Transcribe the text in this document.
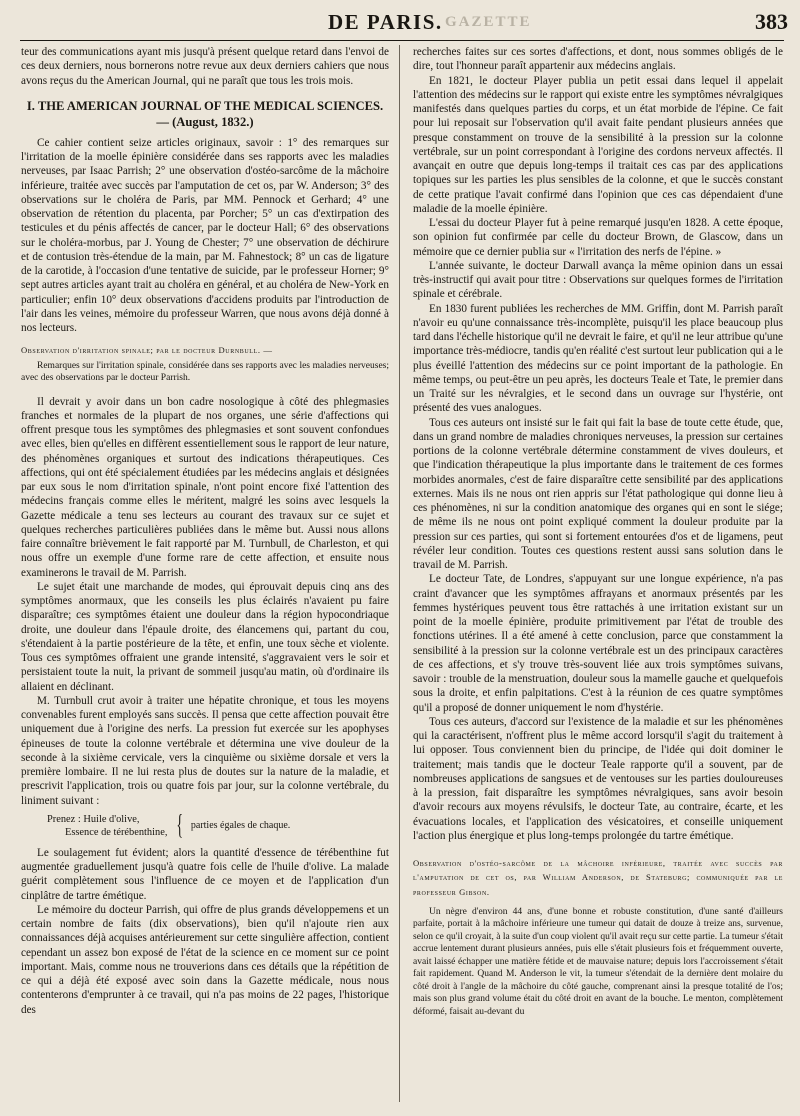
GAZETTE
DE PARIS.	383

teur des communications ayant mis jusqu'à présent quelque retard dans l'envoi de ces deux derniers, nous bornerons notre revue aux deux derniers cahiers que nous avons reçus du the American Journal, qui ne paraît que tous les trois mois.

I. THE AMERICAN JOURNAL OF THE MEDICAL SCIENCES. — (August, 1832.)

Ce cahier contient seize articles originaux, savoir : 1° des remarques sur l'irritation de la moelle épinière considérée dans ses rapports avec les maladies nerveuses, par Isaac Parrish; 2° une observation d'ostéo-sarcôme de la mâchoire inférieure, traitée avec succès par l'amputation de cet os, par W. Anderson; 3° des observations sur le choléra de Paris, par MM. Pennock et Gerhard; 4° une observation de rétention du placenta, par Porcher; 5° un cas d'extirpation des testicules et du pénis affectés de cancer, par le docteur Hall; 6° des observations sur le choléra-morbus, par J. Young de Chester; 7° une observation de déchirure et de contusion très-étendue de la main, par M. Fahnestock; 8° un cas de ligature de la carotide, à l'occasion d'une tentative de suicide, par le professeur Horner; 9° sept autres articles ayant trait au choléra en général, et au choléra de New-York en particulier; enfin 10° deux observations d'accidens produits par l'introduction de l'air dans les veines, mémoire du professeur Warren, que nous avons déjà donné à nos lecteurs.

Observation d'irritation spinale; par le docteur Durnbull. —

Remarques sur l'irritation spinale, considérée dans ses rapports avec les maladies nerveuses; avec des observations par le docteur Parrish.

Il devrait y avoir dans un bon cadre nosologique à côté des phlegmasies franches et normales de la plupart de nos organes, une série d'affections qui offrent presque tous les symptômes des phlegmasies et sont souvent confondues avec elles, bien qu'elles en diffèrent essentiellement sous le rapport de leur nature, des phénomènes organiques et surtout des indications thérapeutiques. Ces affections, qui ont été spécialement étudiées par les médecins anglais et désignées par eux sous le nom d'irritation spinale, n'ont point encore fixé l'attention des médecins français comme elles le méritent, malgré les soins avec lesquels la Gazette médicale a tenu ses lecteurs au courant des travaux sur ce sujet et quelques recherches particulières publiées dans le même but. Aussi nous allons faire connaître brièvement le fait rapporté par M. Turnbull, de Charleston, et qui nous offre un exemple d'une forme rare de cette affection, et ensuite nous examinerons le travail de M. Parrish.

Le sujet était une marchande de modes, qui éprouvait depuis cinq ans des symptômes anormaux, que les conseils les plus éclairés n'avaient pu faire disparaître; ces symptômes étaient une douleur dans la région hypocondriaque droite, une douleur dans l'épaule droite, des élancemens qui, partant du cou, s'étendaient à la partie postérieure de la tête, et enfin, une toux sèche et violente. Tous ces symptômes offraient une grande intensité, s'aggravaient vers le soir et persistaient toute la nuit, la privant de sommeil jusqu'au matin, où d'ordinaire ils allaient en déclinant.

M. Turnbull crut avoir à traiter une hépatite chronique, et tous les moyens convenables furent employés sans succès. Il pensa que cette affection pouvait être uniquement due à l'origine des nerfs. La pression fut exercée sur les apophyses épineuses de toute la colonne vertébrale et détermina une vive douleur de la seconde à la sixième cervicale, vers la cinquième ou sixième dorsale et vers la première lombaire. Il ne lui resta plus de doutes sur la nature de la maladie, et prescrivit l'application, trois ou quatre fois par jour, sur la colonne vertébrale, du liniment suivant :

Prenez : Huile d'olive,
Essence de térébenthine, { parties égales de chaque.

Le soulagement fut évident; alors la quantité d'essence de térébenthine fut augmentée graduellement jusqu'à quatre fois celle de l'huile d'olive. La malade guérit complètement sous l'influence de ce moyen et de l'application d'un cinplâtre de tartre émétique.

Le mémoire du docteur Parrish, qui offre de plus grands développemens et un certain nombre de faits (dix observations), bien qu'il n'ajoute rien aux connaissances déjà acquises antérieurement sur cette singulière affection, contient cependant un assez bon exposé de l'état de la science en ce moment sur ce point important. Mais, comme nous ne trouverions dans ces détails que la répétition de ce qui a déjà été exposé avec soin dans la Gazette médicale, nous nous contenterons d'emprunter à ce travail, qui n'a pas moins de 22 pages, l'historique des

recherches faites sur ces sortes d'affections, et dont, nous sommes obligés de le dire, tout l'honneur paraît appartenir aux médecins anglais.

En 1821, le docteur Player publia un petit essai dans lequel il appelait l'attention des médecins sur le rapport qui existe entre les symptômes névralgiques manifestés dans quelques parties du corps, et un état morbide de l'épine. Ce fait pour lui reposait sur l'observation qu'il avait faite pendant plusieurs années que presque constamment on trouve de la sensibilité à la pression sur la colonne vertébrale, sur un point correspondant à l'origine des cordons nerveux affectés. Il avançait en outre que depuis long-temps il traitait ces cas par des applications topiques sur les parties les plus sensibles de la colonne, et que le succès constant de cette pratique l'avait confirmé dans l'opinion que ces cas dépendaient d'une maladie de la moelle épinière.

L'essai du docteur Player fut à peine remarqué jusqu'en 1828. A cette époque, son opinion fut confirmée par celle du docteur Brown, de Glascow, dans un mémoire que ce dernier publia sur « l'irritation des nerfs de l'épine. »

L'année suivante, le docteur Darwall avança la même opinion dans un essai très-instructif qui avait pour titre : Observations sur quelques formes de l'irritation spinale et cérébrale.

En 1830 furent publiées les recherches de MM. Griffin, dont M. Parrish paraît n'avoir eu qu'une connaissance très-incomplète, puisqu'il les place beaucoup plus tard dans l'échelle historique qu'il ne devrait le faire, et qu'il ne leur attribue qu'une importance très-médiocre, tandis qu'en réalité c'est surtout leur publication qui a le plus éveillé l'attention des médecins sur ce point important de la pathologie. En même temps, ou peut-être un peu après, les docteurs Teale et Tate, le premier dans un Traité sur les névralgies, et le second dans un ouvrage sur l'hystérie, ont présenté des vues analogues.

Tous ces auteurs ont insisté sur le fait qui fait la base de toute cette étude, que, dans un grand nombre de maladies chroniques nerveuses, la pression sur certaines portions de la colonne vertébrale détermine constamment de vives douleurs, et que l'indication thérapeutique la plus importante dans le traitement de ces formes morbides anormales, c'est de faire disparaître cette sensibilité par des applications externes. Mais ils ne nous ont rien appris sur l'état pathologique qui donne lieu à ces phénomènes, ni sur la condition anatomique des organes qui en sont le siége; de même ils ne nous ont point expliqué comment la douleur produite par la pression sur ces parties, qui sont si fortement entourées d'os et de ligamens, peut révéler leur condition. Toutes ces questions restent aussi sans solution dans le travail de M. Parrish.

Le docteur Tate, de Londres, s'appuyant sur une longue expérience, n'a pas craint d'avancer que les symptômes affrayans et anormaux présentés par les femmes hystériques peuvent tous être rattachés à une irritation existant sur un point de la moelle épinière, produite primitivement par l'état de trouble des fonctions utérines. Il a été amené à cette conclusion, parce que constamment la sensibilité à la pression sur la colonne vertébrale est un des principaux caractères de ces affections, et s'y trouve très-souvent liée aux trois symptômes suivans, savoir : trouble de la menstruation, douleur sous la mamelle gauche et quelquefois sous la droite, et enfin palpitations. C'est à la réunion de ces quatre symptômes qu'il a proposé de donner uniquement le nom d'hystérie.

Tous ces auteurs, d'accord sur l'existence de la maladie et sur les phénomènes qui la caractérisent, n'offrent plus le même accord lorsqu'il s'agit du traitement à lui opposer. Tous conviennent bien du principe, de l'idée qui doit dominer le traitement; mais tandis que le docteur Teale rapporte qu'il a souvent, par de nombreuses applications de sangsues et de ventouses sur les parties douloureuses à la pression, fait disparaître les symptômes névralgiques, sans avoir besoin d'avoir recours aux moyens révulsifs, le docteur Tate, au contraire, écarte, et les évacuations locales, et l'application des vésicatoires, et conseille uniquement l'action plus énergique et plus long-temps prolongée du tartre émétique.

Observation d'ostéo-sarcôme de la mâchoire inférieure, traitée avec succès par l'amputation de cet os, par William Anderson, de Stateburg; communiquée par le professeur Gibson.

Un nègre d'environ 44 ans, d'une bonne et robuste constitution, d'une santé d'ailleurs parfaite, portait à la mâchoire inférieure une tumeur qui datait de douze à treize ans, survenue, selon ce qu'il croyait, à la suite d'un coup violent qu'il avait reçu sur cette partie. La tumeur s'était accrue lentement durant plusieurs années, puis elle s'était plusieurs fois et fréquemment ouverte, avait laissé échapper une matière fétide et de mauvaise nature; depuis lors l'accroissement s'était fait rapidement. Quand M. Anderson le vit, la tumeur s'étendait de la dernière dent molaire du côté droit à l'angle de la mâchoire du côté gauche, comprenant ainsi la presque totalité de l'os; mais son plus grand volume était du côté droit en avant de la bouche. Le menton, complètement déformé, faisait au-devant du
